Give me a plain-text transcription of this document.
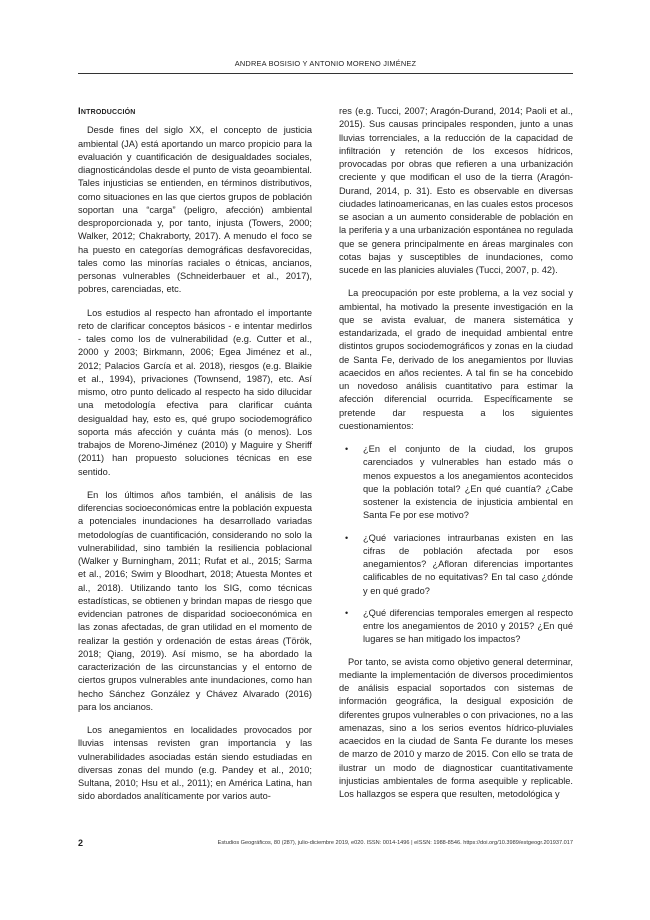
ANDREA BOSISIO Y ANTONIO MORENO JIMÉNEZ
Introducción

Desde fines del siglo XX, el concepto de justicia ambiental (JA) está aportando un marco propicio para la evaluación y cuantificación de desigualdades sociales, diagnosticándolas desde el punto de vista geoambiental. Tales injusticias se entienden, en términos distributivos, como situaciones en las que ciertos grupos de población soportan una “carga” (peligro, afección) ambiental desproporcionada y, por tanto, injusta (Towers, 2000; Walker, 2012; Chakraborty, 2017). A menudo el foco se ha puesto en categorías demográficas desfavorecidas, tales como las minorías raciales o étnicas, ancianos, personas vulnerables (Schneiderbauer et al., 2017), pobres, carenciadas, etc.

Los estudios al respecto han afrontado el importante reto de clarificar conceptos básicos - e intentar medirlos - tales como los de vulnerabilidad (e.g. Cutter et al., 2000 y 2003; Birkmann, 2006; Egea Jiménez et al., 2012; Palacios García et al. 2018), riesgos (e.g. Blaikie et al., 1994), privaciones (Townsend, 1987), etc. Así mismo, otro punto delicado al respecto ha sido dilucidar una metodología efectiva para clarificar cuánta desigualdad hay, esto es, qué grupo sociodemográfico soporta más afección y cuánta más (o menos). Los trabajos de Moreno-Jiménez (2010) y Maguire y Sheriff (2011) han propuesto soluciones técnicas en ese sentido.

En los últimos años también, el análisis de las diferencias socioeconómicas entre la población expuesta a potenciales inundaciones ha desarrollado variadas metodologías de cuantificación, considerando no solo la vulnerabilidad, sino también la resiliencia poblacional (Walker y Burningham, 2011; Rufat et al., 2015; Sarma et al., 2016; Swim y Bloodhart, 2018; Atuesta Montes et al., 2018). Utilizando tanto los SIG, como técnicas estadísticas, se obtienen y brindan mapas de riesgo que evidencian patrones de disparidad socioeconómica en las zonas afectadas, de gran utilidad en el momento de realizar la gestión y ordenación de estas áreas (Török, 2018; Qiang, 2019). Así mismo, se ha abordado la caracterización de las circunstancias y el entorno de ciertos grupos vulnerables ante inundaciones, como han hecho Sánchez González y Chávez Alvarado (2016) para los ancianos.

Los anegamientos en localidades provocados por lluvias intensas revisten gran importancia y las vulnerabilidades asociadas están siendo estudiadas en diversas zonas del mundo (e.g. Pandey et al., 2010; Sultana, 2010; Hsu et al., 2011); en América Latina, han sido abordados analíticamente por varios auto-

res (e.g. Tucci, 2007; Aragón-Durand, 2014; Paoli et al., 2015). Sus causas principales responden, junto a unas lluvias torrenciales, a la reducción de la capacidad de infiltración y retención de los excesos hídricos, provocadas por obras que refieren a una urbanización creciente y que modifican el uso de la tierra (Aragón-Durand, 2014, p. 31). Esto es observable en diversas ciudades latinoamericanas, en las cuales estos procesos se asocian a un aumento considerable de población en la periferia y a una urbanización espontánea no regulada que se genera principalmente en áreas marginales con cotas bajas y susceptibles de inundaciones, como sucede en las planicies aluviales (Tucci, 2007, p. 42).

La preocupación por este problema, a la vez social y ambiental, ha motivado la presente investigación en la que se avista evaluar, de manera sistemática y estandarizada, el grado de inequidad ambiental entre distintos grupos sociodemográficos y zonas en la ciudad de Santa Fe, derivado de los anegamientos por lluvias acaecidos en años recientes. A tal fin se ha concebido un novedoso análisis cuantitativo para estimar la afección diferencial ocurrida. Específicamente se pretende dar respuesta a los siguientes cuestionamientos:

• ¿En el conjunto de la ciudad, los grupos carenciados y vulnerables han estado más o menos expuestos a los anegamientos acontecidos que la población total? ¿En qué cuantía? ¿Cabe sostener la existencia de injusticia ambiental en Santa Fe por ese motivo?
• ¿Qué variaciones intraurbanas existen en las cifras de población afectada por esos anegamientos? ¿Afloran diferencias importantes calificables de no equitativas? En tal caso ¿dónde y en qué grado?
• ¿Qué diferencias temporales emergen al respecto entre los anegamientos de 2010 y 2015? ¿En qué lugares se han mitigado los impactos?

Por tanto, se avista como objetivo general determinar, mediante la implementación de diversos procedimientos de análisis espacial soportados con sistemas de información geográfica, la desigual exposición de diferentes grupos vulnerables o con privaciones, no a las amenazas, sino a los serios eventos hídrico-pluviales acaecidos en la ciudad de Santa Fe durante los meses de marzo de 2010 y marzo de 2015. Con ello se trata de ilustrar un modo de diagnosticar cuantitativamente injusticias ambientales de forma asequible y replicable. Los hallazgos se espera que resulten, metodológica y

2	Estudios Geográficos, 80 (287), julio-diciembre 2019, e020. ISSN: 0014-1496 | eISSN: 1988-8546. https://doi.org/10.3989/estgeogr.201937.017
